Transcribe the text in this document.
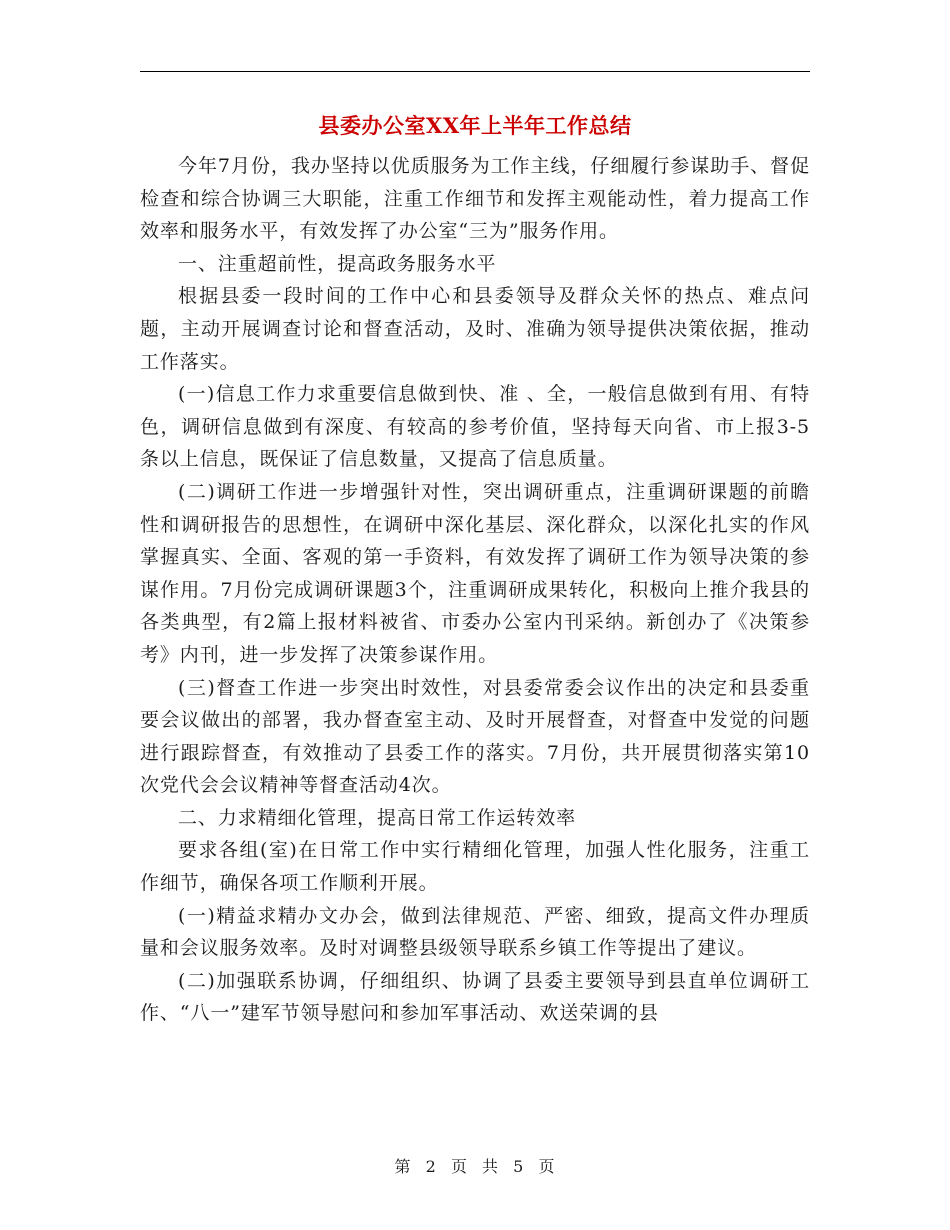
县委办公室XX年上半年工作总结

今年7月份，我办坚持以优质服务为工作主线，仔细履行参谋助手、督促检查和综合协调三大职能，注重工作细节和发挥主观能动性，着力提高工作效率和服务水平，有效发挥了办公室“三为”服务作用。

一、注重超前性，提高政务服务水平

根据县委一段时间的工作中心和县委领导及群众关怀的热点、难点问题，主动开展调查讨论和督查活动，及时、准确为领导提供决策依据，推动工作落实。

(一)信息工作力求重要信息做到快、准 、全，一般信息做到有用、有特色，调研信息做到有深度、有较高的参考价值，坚持每天向省、市上报3-5条以上信息，既保证了信息数量，又提高了信息质量。

(二)调研工作进一步增强针对性，突出调研重点，注重调研课题的前瞻性和调研报告的思想性，在调研中深化基层、深化群众，以深化扎实的作风掌握真实、全面、客观的第一手资料，有效发挥了调研工作为领导决策的参谋作用。7月份完成调研课题3个，注重调研成果转化，积极向上推介我县的各类典型，有2篇上报材料被省、市委办公室内刊采纳。新创办了《决策参考》内刊，进一步发挥了决策参谋作用。

(三)督查工作进一步突出时效性，对县委常委会议作出的决定和县委重要会议做出的部署，我办督查室主动、及时开展督查，对督查中发觉的问题进行跟踪督查，有效推动了县委工作的落实。7月份，共开展贯彻落实第10次党代会会议精神等督查活动4次。

二、力求精细化管理，提高日常工作运转效率

要求各组(室)在日常工作中实行精细化管理，加强人性化服务，注重工作细节，确保各项工作顺利开展。

(一)精益求精办文办会，做到法律规范、严密、细致，提高文件办理质量和会议服务效率。及时对调整县级领导联系乡镇工作等提出了建议。

(二)加强联系协调，仔细组织、协调了县委主要领导到县直单位调研工作、“八一”建军节领导慰问和参加军事活动、欢送荣调的县

第 2 页 共 5 页
